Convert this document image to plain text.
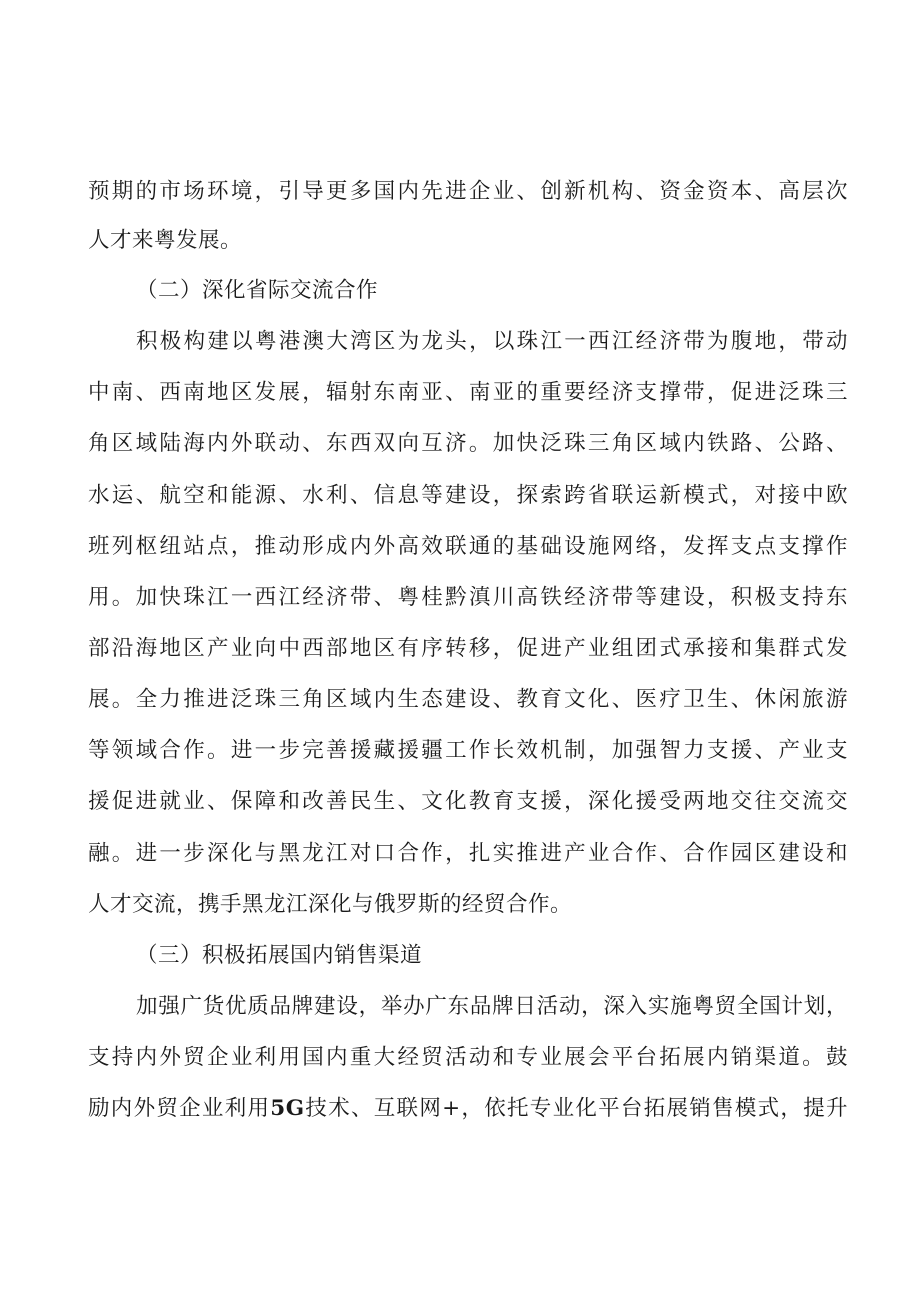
预期的市场环境，引导更多国内先进企业、创新机构、资金资本、高层次
人才来粤发展。
（二）深化省际交流合作
积极构建以粤港澳大湾区为龙头，以珠江一西江经济带为腹地，带动
中南、西南地区发展，辐射东南亚、南亚的重要经济支撑带，促进泛珠三
角区域陆海内外联动、东西双向互济。加快泛珠三角区域内铁路、公路、
水运、航空和能源、水利、信息等建设，探索跨省联运新模式，对接中欧
班列枢纽站点，推动形成内外高效联通的基础设施网络，发挥支点支撑作
用。加快珠江一西江经济带、粤桂黔滇川高铁经济带等建设，积极支持东
部沿海地区产业向中西部地区有序转移，促进产业组团式承接和集群式发
展。全力推进泛珠三角区域内生态建设、教育文化、医疗卫生、休闲旅游
等领域合作。进一步完善援藏援疆工作长效机制，加强智力支援、产业支
援促进就业、保障和改善民生、文化教育支援，深化援受两地交往交流交
融。进一步深化与黑龙江对口合作，扎实推进产业合作、合作园区建设和
人才交流，携手黑龙江深化与俄罗斯的经贸合作。
（三）积极拓展国内销售渠道
加强广货优质品牌建设，举办广东品牌日活动，深入实施粤贸全国计划，
支持内外贸企业利用国内重大经贸活动和专业展会平台拓展内销渠道。鼓
励内外贸企业利用5G技术、互联网+，依托专业化平台拓展销售模式，提升
